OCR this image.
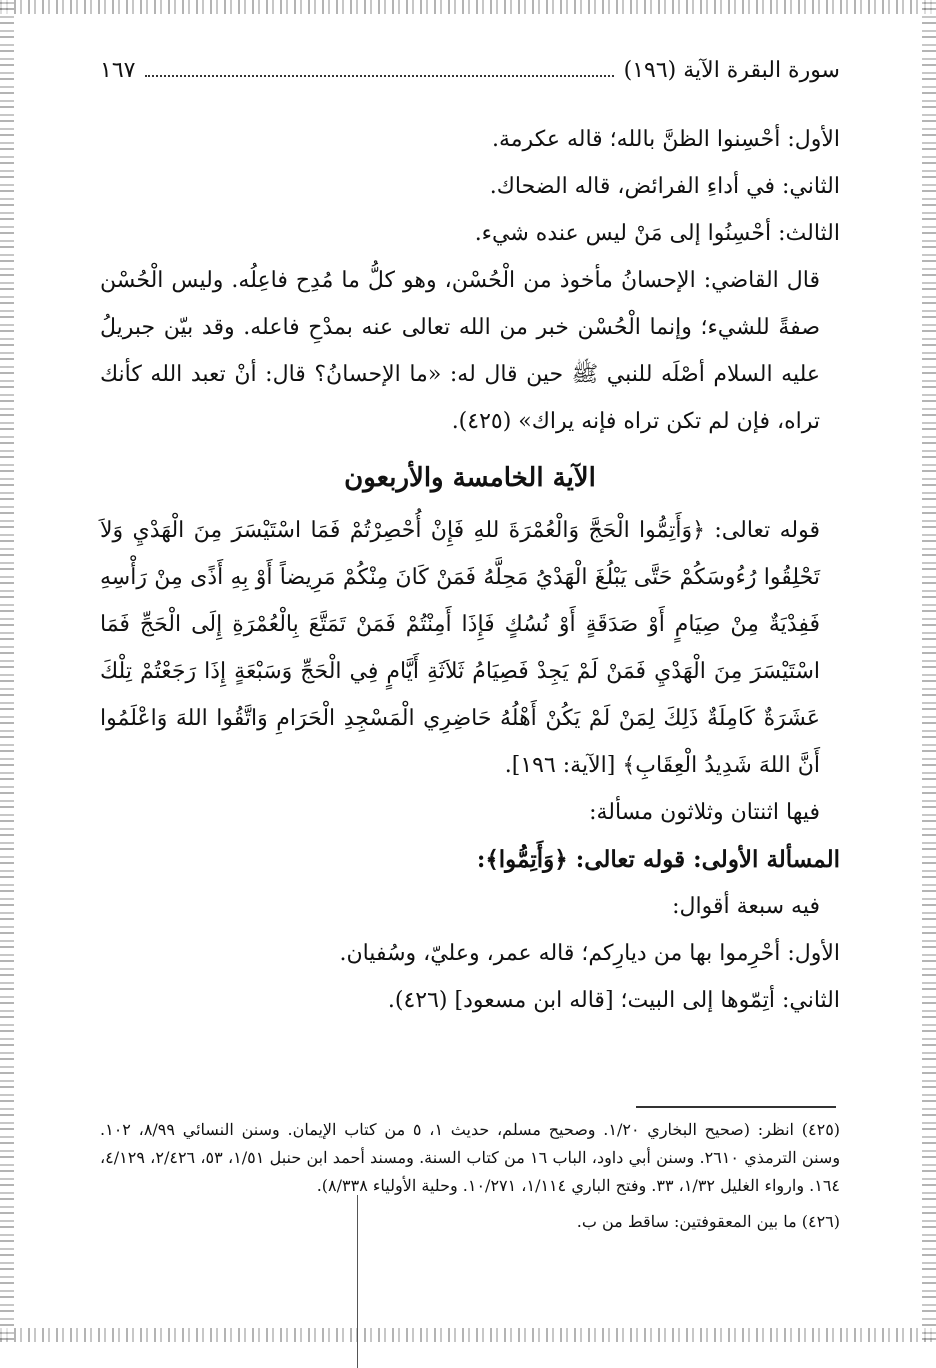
سورة البقرة الآية (١٩٦)
١٦٧

الأول: أحْسِنوا الظنَّ بالله؛ قاله عكرمة.

الثاني: في أداءِ الفرائض، قاله الضحاك.

الثالث: أحْسِنُوا إلى مَنْ ليس عنده شيء.

قال القاضي: الإحسانُ مأخوذ من الْحُسْن، وهو كلُّ ما مُدِح فاعِلُه. وليس الْحُسْن صفةً للشيء؛ وإنما الْحُسْن خبر من الله تعالى عنه بمدْحِ فاعله. وقد بيّن جبريلُ عليه السلام أصْلَه للنبي ﷺ حين قال له: «ما الإحسانُ؟ قال: أنْ تعبد الله كأنك تراه، فإن لم تكن تراه فإنه يراك» (٤٢٥).

الآية الخامسة والأربعون

قوله تعالى: ﴿وَأَتِمُّوا الْحَجَّ وَالْعُمْرَةَ للهِ فَإِنْ أُحْصِرْتُمْ فَمَا اسْتَيْسَرَ مِنَ الْهَدْيِ وَلاَ تَحْلِقُوا رُءُوسَكُمْ حَتَّى يَبْلُغَ الْهَدْيُ مَحِلَّهُ فَمَنْ كَانَ مِنْكُمْ مَرِيضاً أَوْ بِهِ أَذًى مِنْ رَأْسِهِ فَفِدْيَةٌ مِنْ صِيَامٍ أَوْ صَدَقَةٍ أَوْ نُسُكٍ فَإِذَا أَمِنْتُمْ فَمَنْ تَمَتَّعَ بِالْعُمْرَةِ إِلَى الْحَجِّ فَمَا اسْتَيْسَرَ مِنَ الْهَدْيِ فَمَنْ لَمْ يَجِدْ فَصِيَامُ ثَلاَثَةِ أَيَّامٍ فِي الْحَجِّ وَسَبْعَةٍ إِذَا رَجَعْتُمْ تِلْكَ عَشَرَةٌ كَامِلَةٌ ذَلِكَ لِمَنْ لَمْ يَكُنْ أَهْلُهُ حَاضِرِي الْمَسْجِدِ الْحَرَامِ وَاتَّقُوا اللهَ وَاعْلَمُوا أَنَّ اللهَ شَدِيدُ الْعِقَابِ﴾ [الآية: ١٩٦].

فيها اثنتان وثلاثون مسألة:

المسألة الأولى: قوله تعالى: ﴿وَأَتِمُّوا﴾:

فيه سبعة أقوال:

الأول: أحْرِموا بها من ديارِكم؛ قاله عمر، وعليّ، وسُفيان.

الثاني: أتِمّوها إلى البيت؛ [قاله ابن مسعود] (٤٢٦).

(٤٢٥) انظر: (صحيح البخاري ١/٢٠. وصحيح مسلم، حديث ١، ٥ من كتاب الإيمان. وسنن النسائي ٨/٩٩، ١٠٢. وسنن الترمذي ٢٦١٠. وسنن أبي داود، الباب ١٦ من كتاب السنة. ومسند أحمد ابن حنبل ١/٥١، ٥٣، ٢/٤٢٦، ٤/١٢٩، ١٦٤. وارواء الغليل ١/٣٢، ٣٣. وفتح الباري ١/١١٤، ١٠/٢٧١. وحلية الأولياء ٨/٣٣٨).

(٤٢٦) ما بين المعقوفتين: ساقط من ب.
